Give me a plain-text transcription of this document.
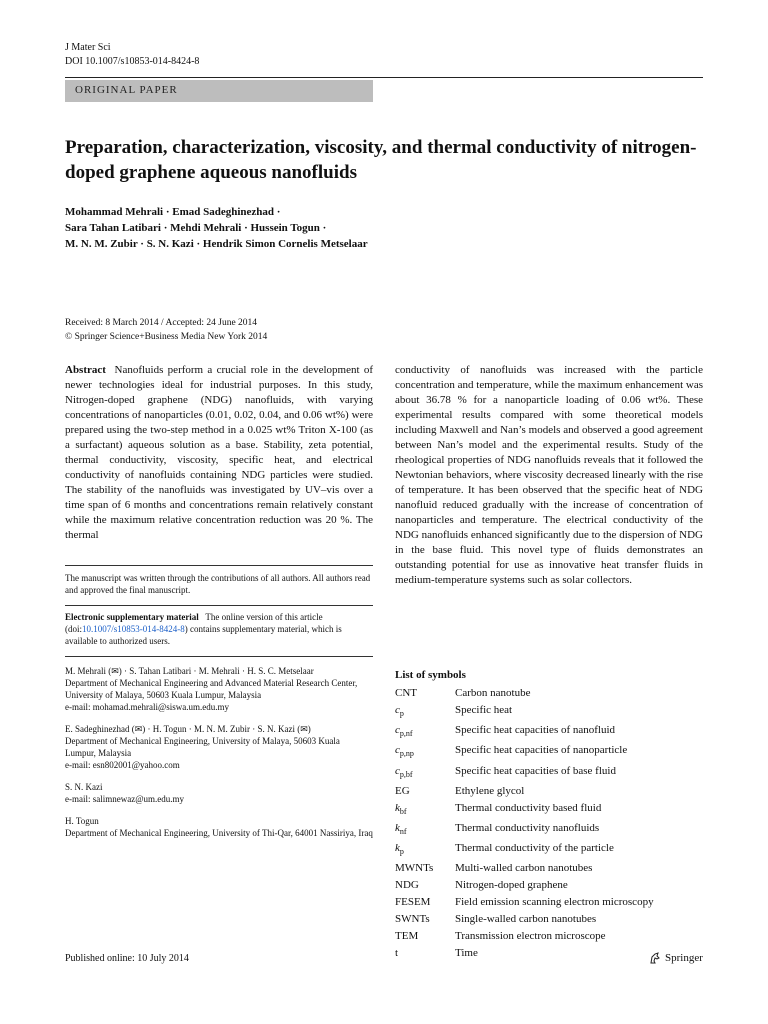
J Mater Sci
DOI 10.1007/s10853-014-8424-8
ORIGINAL PAPER
Preparation, characterization, viscosity, and thermal conductivity of nitrogen-doped graphene aqueous nanofluids
Mohammad Mehrali · Emad Sadeghinezhad ·
Sara Tahan Latibari · Mehdi Mehrali · Hussein Togun ·
M. N. M. Zubir · S. N. Kazi · Hendrik Simon Cornelis Metselaar
Received: 8 March 2014 / Accepted: 24 June 2014
© Springer Science+Business Media New York 2014

Abstract Nanofluids perform a crucial role in the development of newer technologies ideal for industrial purposes. In this study, Nitrogen-doped graphene (NDG) nanofluids, with varying concentrations of nanoparticles (0.01, 0.02, 0.04, and 0.06 wt%) were prepared using the two-step method in a 0.025 wt% Triton X-100 (as a surfactant) aqueous solution as a base. Stability, zeta potential, thermal conductivity, viscosity, specific heat, and electrical conductivity of nanofluids containing NDG particles were studied. The stability of the nanofluids was investigated by UV–vis over a time span of 6 months and concentrations remain relatively constant while the maximum relative concentration reduction was 20 %. The thermal

The manuscript was written through the contributions of all authors. All authors read and approved the final manuscript.

Electronic supplementary material The online version of this article (doi:10.1007/s10853-014-8424-8) contains supplementary material, which is available to authorized users.

M. Mehrali (✉) · S. Tahan Latibari · M. Mehrali · H. S. C. Metselaar
Department of Mechanical Engineering and Advanced Material Research Center, University of Malaya, 50603 Kuala Lumpur, Malaysia
e-mail: mohamad.mehrali@siswa.um.edu.my
E. Sadeghinezhad (✉) · H. Togun · M. N. M. Zubir · S. N. Kazi (✉)
Department of Mechanical Engineering, University of Malaya, 50603 Kuala Lumpur, Malaysia
e-mail: esn802001@yahoo.com
S. N. Kazi
e-mail: salimnewaz@um.edu.my
H. Togun
Department of Mechanical Engineering, University of Thi-Qar, 64001 Nassiriya, Iraq
conductivity of nanofluids was increased with the particle concentration and temperature, while the maximum enhancement was about 36.78 % for a nanoparticle loading of 0.06 wt%. These experimental results compared with some theoretical models including Maxwell and Nan’s models and observed a good agreement between Nan’s model and the experimental results. Study of the rheological properties of NDG nanofluids reveals that it followed the Newtonian behaviors, where viscosity decreased linearly with the rise of temperature. It has been observed that the specific heat of NDG nanofluid reduced gradually with the increase of concentration of nanoparticles and temperature. The electrical conductivity of the NDG nanofluids enhanced significantly due to the dispersion of NDG in the base fluid. This novel type of fluids demonstrates an outstanding potential for use as innovative heat transfer fluids in medium-temperature systems such as solar collectors.
List of symbols
CNT	Carbon nanotube
$c_p$	Specific heat
$c_{p,nf}$	Specific heat capacities of nanofluid
$c_{p,np}$	Specific heat capacities of nanoparticle
$c_{p,bf}$	Specific heat capacities of base fluid
EG	Ethylene glycol
$k_{bf}$	Thermal conductivity based fluid
$k_{nf}$	Thermal conductivity nanofluids
$k_p$	Thermal conductivity of the particle
MWNTs	Multi-walled carbon nanotubes
NDG	Nitrogen-doped graphene
FESEM	Field emission scanning electron microscopy
SWNTs	Single-walled carbon nanotubes
TEM	Transmission electron microscope
t	Time
Published online: 10 July 2014	Springer
